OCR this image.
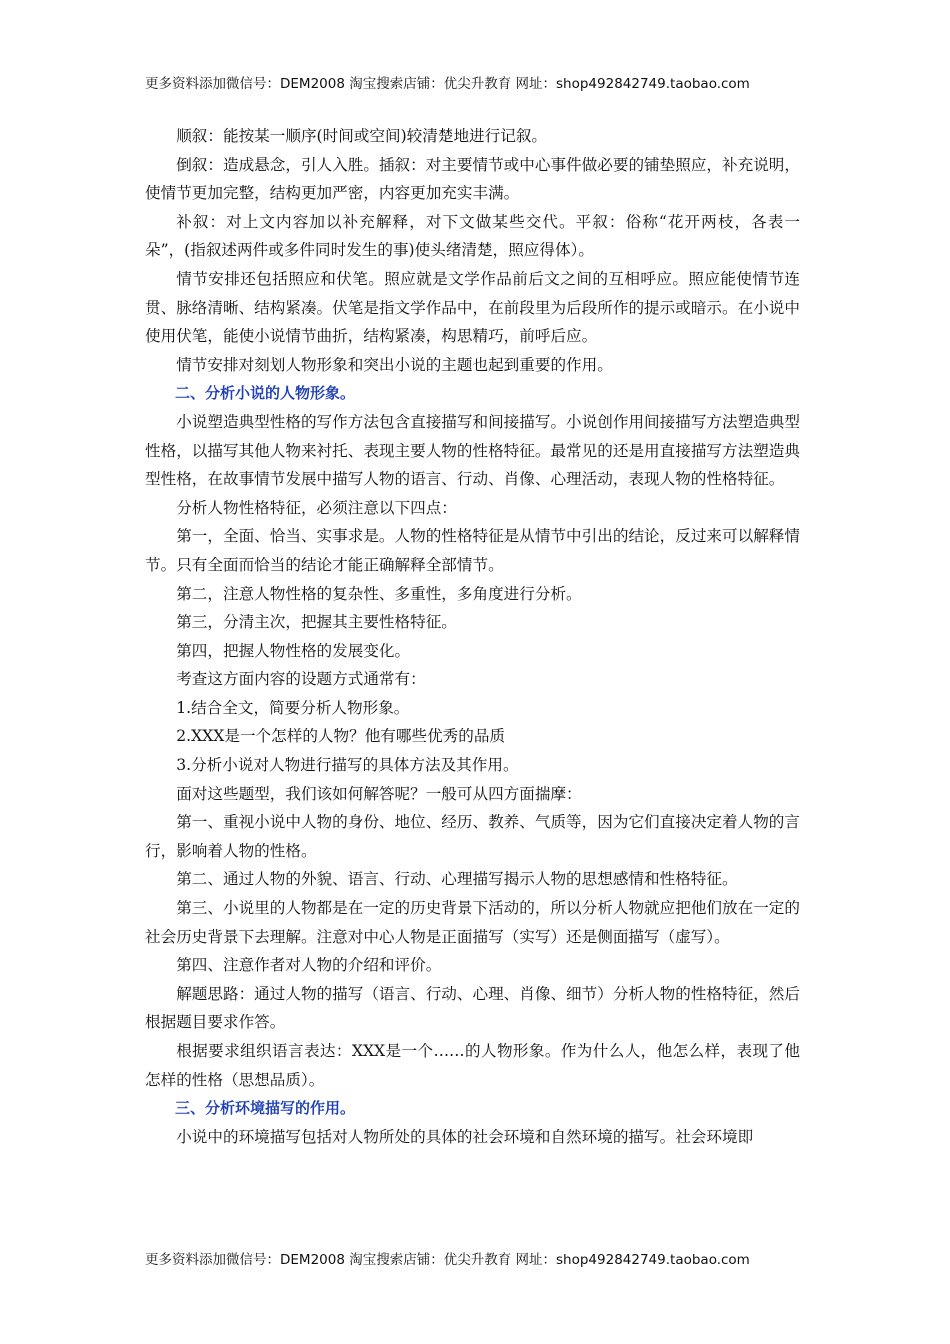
更多资料添加微信号：DEM2008 淘宝搜索店铺：优尖升教育 网址：shop492842749.taobao.com

顺叙：能按某一顺序(时间或空间)较清楚地进行记叙。

倒叙：造成悬念，引人入胜。插叙：对主要情节或中心事件做必要的铺垫照应，补充说明，使情节更加完整，结构更加严密，内容更加充实丰满。

补叙：对上文内容加以补充解释，对下文做某些交代。平叙：俗称“花开两枝，各表一朵”，(指叙述两件或多件同时发生的事)使头绪清楚，照应得体）。

情节安排还包括照应和伏笔。照应就是文学作品前后文之间的互相呼应。照应能使情节连贯、脉络清晰、结构紧凑。伏笔是指文学作品中，在前段里为后段所作的提示或暗示。在小说中使用伏笔，能使小说情节曲折，结构紧凑，构思精巧，前呼后应。

情节安排对刻划人物形象和突出小说的主题也起到重要的作用。

二、分析小说的人物形象。

小说塑造典型性格的写作方法包含直接描写和间接描写。小说创作用间接描写方法塑造典型性格，以描写其他人物来衬托、表现主要人物的性格特征。最常见的还是用直接描写方法塑造典型性格，在故事情节发展中描写人物的语言、行动、肖像、心理活动，表现人物的性格特征。

分析人物性格特征，必须注意以下四点：

第一，全面、恰当、实事求是。人物的性格特征是从情节中引出的结论，反过来可以解释情节。只有全面而恰当的结论才能正确解释全部情节。

第二，注意人物性格的复杂性、多重性，多角度进行分析。

第三，分清主次，把握其主要性格特征。

第四，把握人物性格的发展变化。

考查这方面内容的设题方式通常有：

1.结合全文，简要分析人物形象。

2.XXX是一个怎样的人物？他有哪些优秀的品质

3.分析小说对人物进行描写的具体方法及其作用。

面对这些题型，我们该如何解答呢？一般可从四方面揣摩：

第一、重视小说中人物的身份、地位、经历、教养、气质等，因为它们直接决定着人物的言行，影响着人物的性格。

第二、通过人物的外貌、语言、行动、心理描写揭示人物的思想感情和性格特征。

第三、小说里的人物都是在一定的历史背景下活动的，所以分析人物就应把他们放在一定的社会历史背景下去理解。注意对中心人物是正面描写（实写）还是侧面描写（虚写）。

第四、注意作者对人物的介绍和评价。

解题思路：通过人物的描写（语言、行动、心理、肖像、细节）分析人物的性格特征，然后根据题目要求作答。

根据要求组织语言表达：XXX是一个……的人物形象。作为什么人，他怎么样，表现了他怎样的性格（思想品质）。

三、分析环境描写的作用。

小说中的环境描写包括对人物所处的具体的社会环境和自然环境的描写。社会环境即

更多资料添加微信号：DEM2008 淘宝搜索店铺：优尖升教育 网址：shop492842749.taobao.com
